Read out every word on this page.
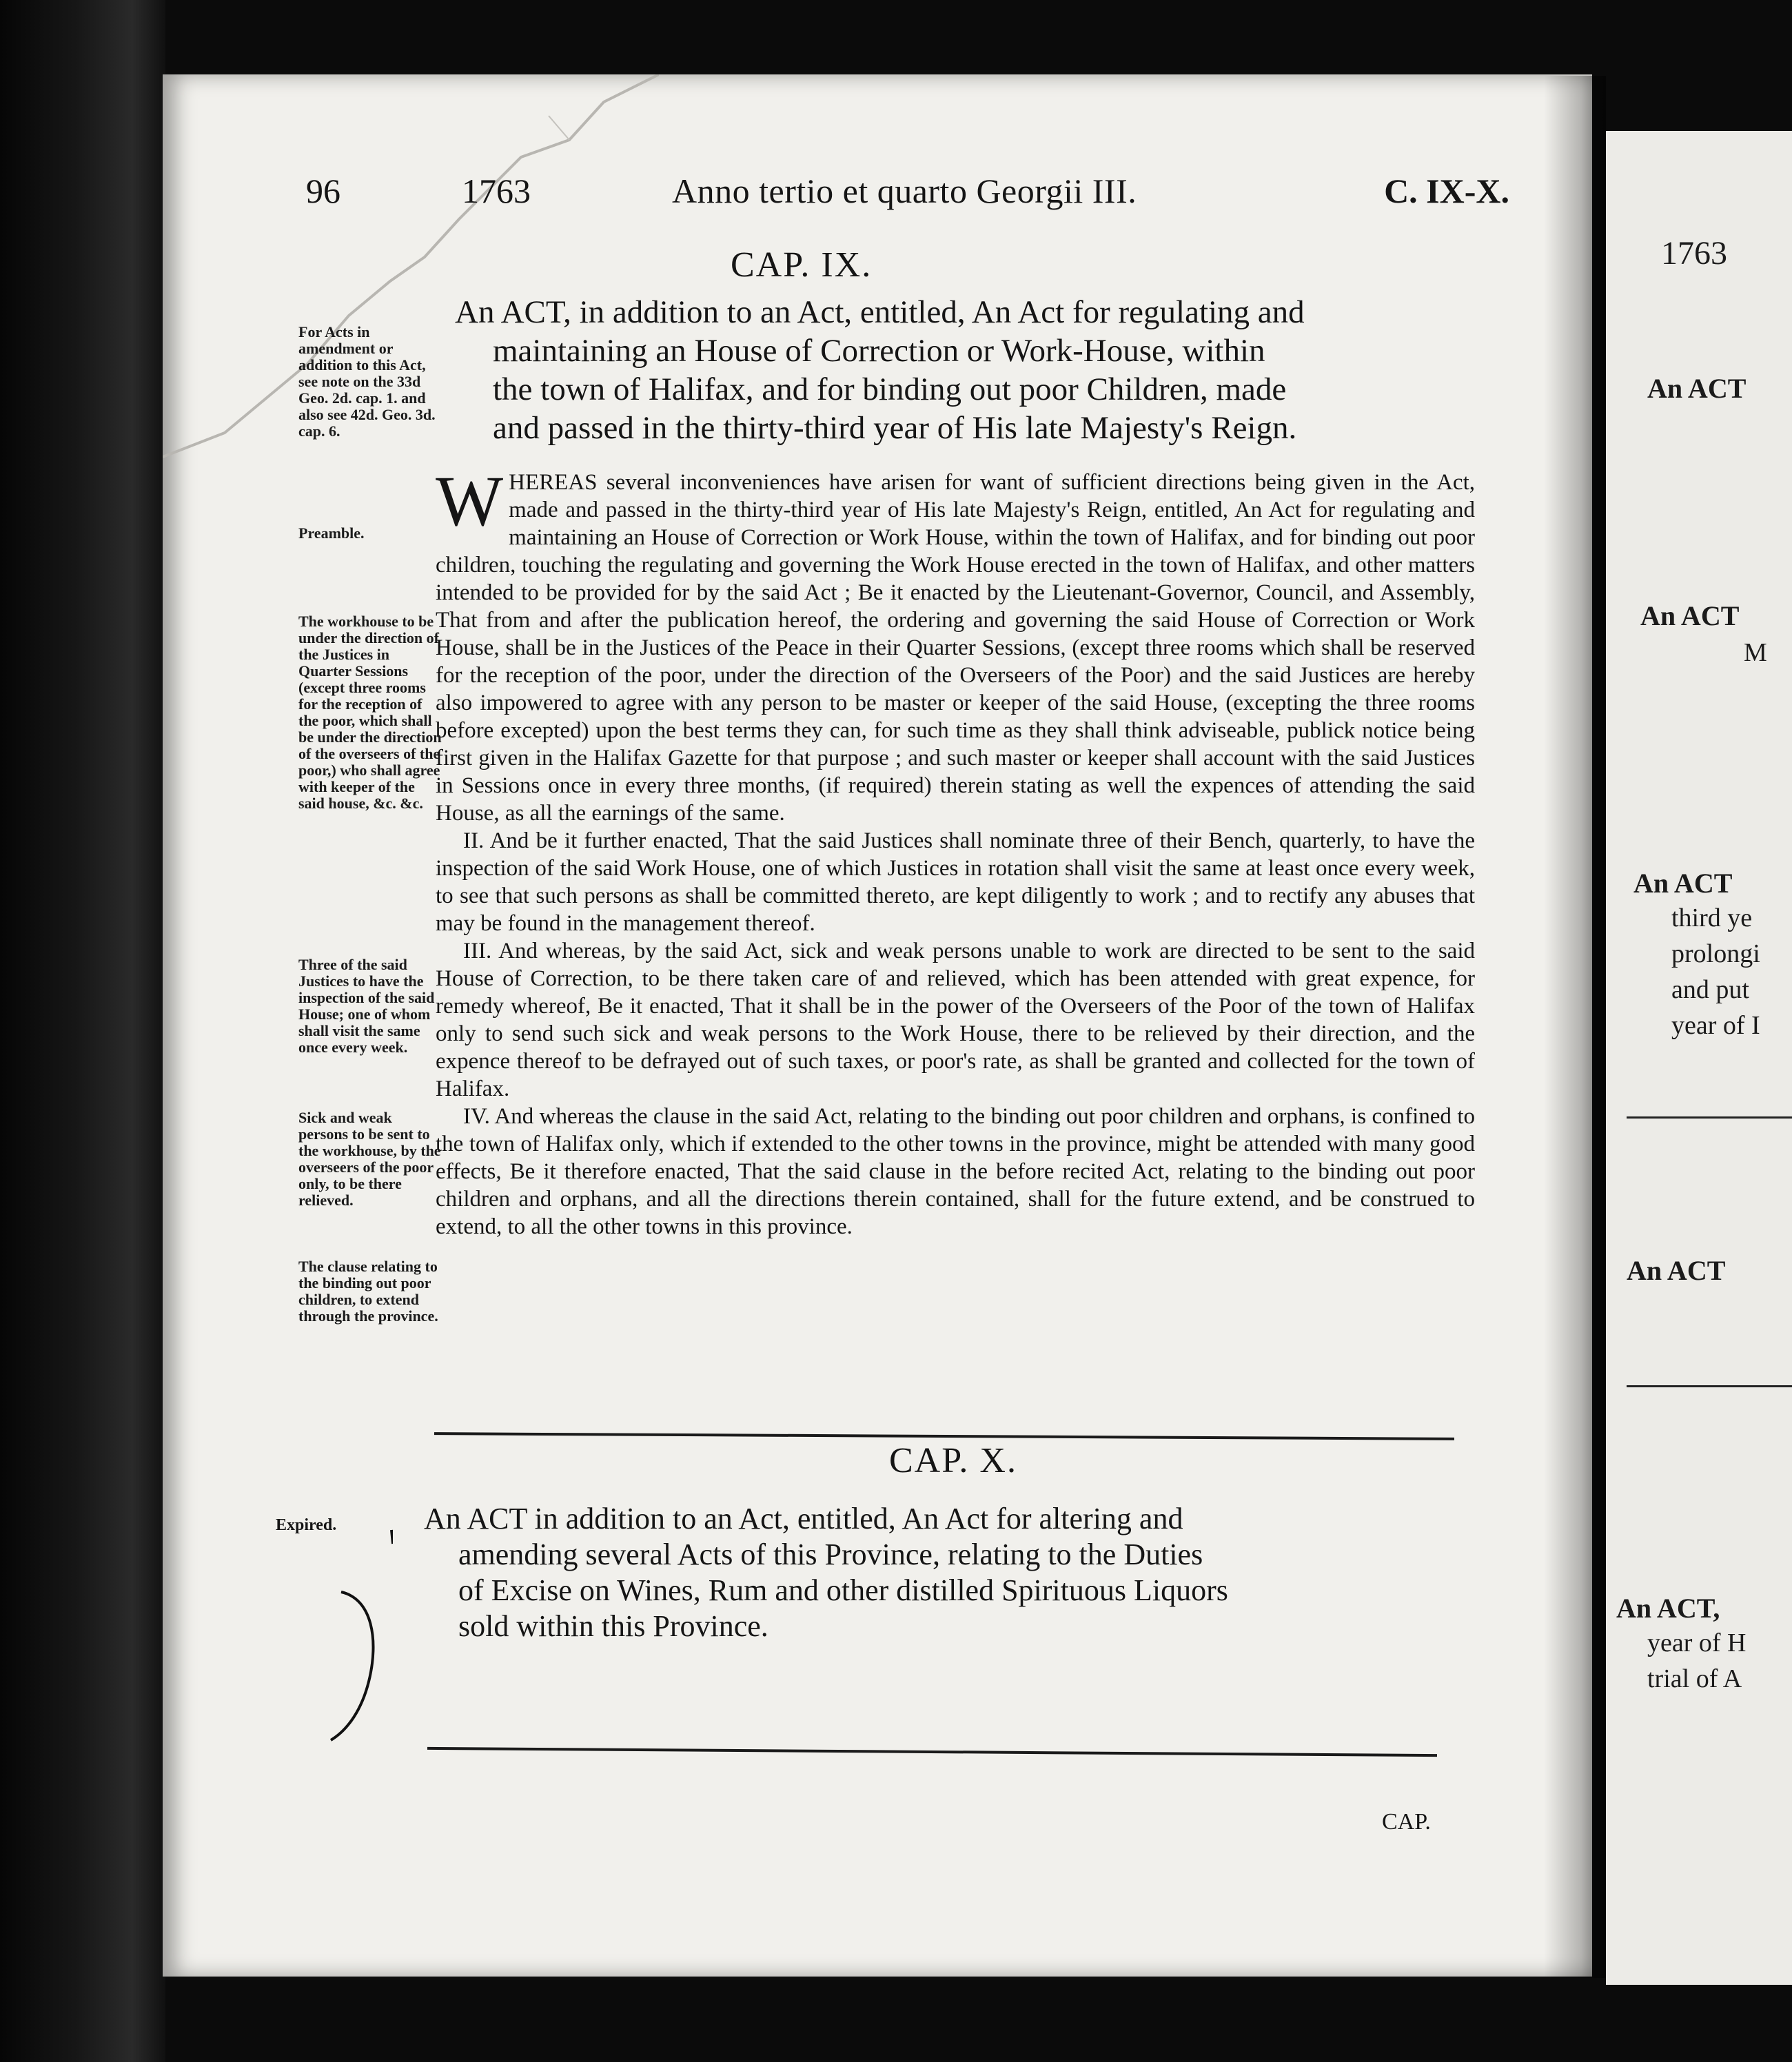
96	1763	Anno tertio et quarto Georgii III.	C. IX-X.
CAP. IX.
An ACT, in addition to an Act, entitled, An Act for regulating and
maintaining an House of Correction or Work-House, within
the town of Halifax, and for binding out poor Children, made
and passed in the thirty-third year of His late Majesty's Reign.

WHEREAS several inconveniences have arisen for want of sufficient directions being given in the Act, made and passed in the thirty-third year of His late Majesty's Reign, entitled, An Act for regulating and maintaining an House of Correction or Work House, within the town of Halifax, and for binding out poor children, touching the regulating and governing the Work House erected in the town of Halifax, and other matters intended to be provided for by the said Act ; Be it enacted by the Lieutenant-Governor, Council, and Assembly, That from and after the publication hereof, the ordering and governing the said House of Correction or Work House, shall be in the Justices of the Peace in their Quarter Sessions, (except three rooms which shall be reserved for the reception of the poor, under the direction of the Overseers of the Poor) and the said Justices are hereby also impowered to agree with any person to be master or keeper of the said House, (excepting the three rooms before excepted) upon the best terms they can, for such time as they shall think adviseable, publick notice being first given in the Halifax Gazette for that purpose ; and such master or keeper shall account with the said Justices in Sessions once in every three months, (if required) therein stating as well the expences of attending the said House, as all the earnings of the same.

II. And be it further enacted, That the said Justices shall nominate three of their Bench, quarterly, to have the inspection of the said Work House, one of which Justices in rotation shall visit the same at least once every week, to see that such persons as shall be committed thereto, are kept diligently to work ; and to rectify any abuses that may be found in the management thereof.

III. And whereas, by the said Act, sick and weak persons unable to work are directed to be sent to the said House of Correction, to be there taken care of and relieved, which has been attended with great expence, for remedy whereof, Be it enacted, That it shall be in the power of the Overseers of the Poor of the town of Halifax only to send such sick and weak persons to the Work House, there to be relieved by their direction, and the expence thereof to be defrayed out of such taxes, or poor's rate, as shall be granted and collected for the town of Halifax.

IV. And whereas the clause in the said Act, relating to the binding out poor children and orphans, is confined to the town of Halifax only, which if extended to the other towns in the province, might be attended with many good effects, Be it therefore enacted, That the said clause in the before recited Act, relating to the binding out poor children and orphans, and all the directions therein contained, shall for the future extend, and be construed to extend, to all the other towns in this province.

For Acts in amendment or addition to this Act, see note on the 33d Geo. 2d. cap. 1. and also see 42d. Geo. 3d. cap. 6.
Preamble.
The workhouse to be under the direction of the Justices in Quarter Sessions (except three rooms for the reception of the poor, which shall be under the direction of the overseers of the poor,) who shall agree with keeper of the said house, &c. &c.
Three of the said Justices to have the inspection of the said House; one of whom shall visit the same once every week.
Sick and weak persons to be sent to the workhouse, by the overseers of the poor only, to be there relieved.
The clause relating to the binding out poor children, to extend through the province.
CAP. X.
Expired.	An ACT in addition to an Act, entitled, An Act for altering and
amending several Acts of this Province, relating to the Duties
of Excise on Wines, Rum and other distilled Spirituous Liquors
sold within this Province.
CAP.
1763
An ACT
An ACT
M
An ACT
third ye
prolongi
and put
year of I
An ACT
An ACT,
year of H
trial of A
